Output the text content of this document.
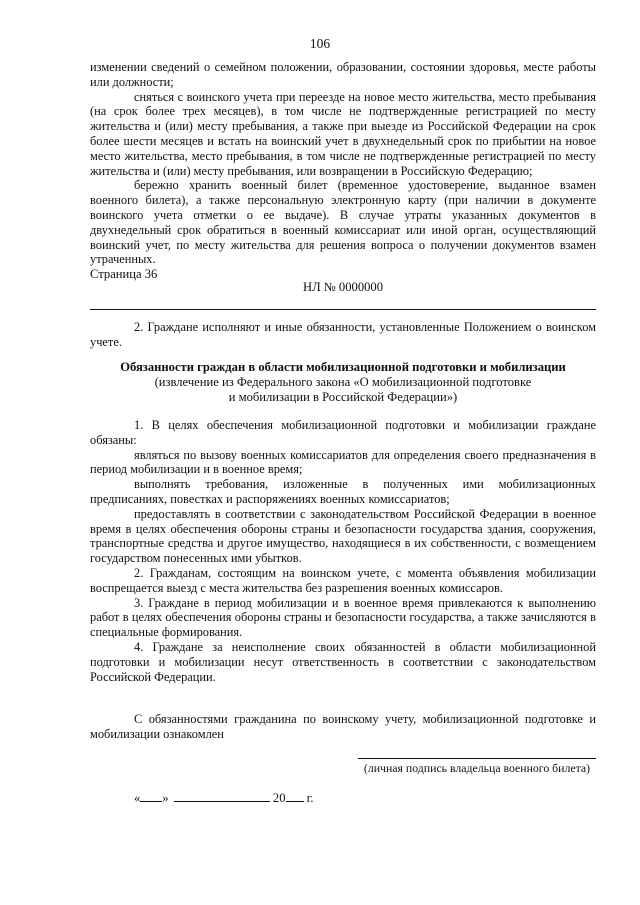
106

изменении сведений о семейном положении, образовании, состоянии здоровья, месте работы или должности;

сняться с воинского учета при переезде на новое место жительства, место пребывания (на срок более трех месяцев), в том числе не подтвержденные регистрацией по месту жительства и (или) месту пребывания, а также при выезде из Российской Федерации на срок более шести месяцев и встать на воинский учет в двухнедельный срок по прибытии на новое место жительства, место пребывания, в том числе не подтвержденные регистрацией по месту жительства и (или) месту пребывания, или возвращении в Российскую Федерацию;

бережно хранить военный билет (временное удостоверение, выданное взамен военного билета), а также персональную электронную карту (при наличии в документе воинского учета отметки о ее выдаче). В случае утраты указанных документов в двухнедельный срок обратиться в военный комиссариат или иной орган, осуществляющий воинский учет, по месту жительства для решения вопроса о получении документов взамен утраченных.

Страница 36
НЛ № 0000000

2. Граждане исполняют и иные обязанности, установленные Положением о воинском учете.

Обязанности граждан в области мобилизационной подготовки и мобилизации
(извлечение из Федерального закона «О мобилизационной подготовке
и мобилизации в Российской Федерации»)

1. В целях обеспечения мобилизационной подготовки и мобилизации граждане обязаны:

являться по вызову военных комиссариатов для определения своего предназначения в период мобилизации и в военное время;

выполнять требования, изложенные в полученных ими мобилизационных предписаниях, повестках и распоряжениях военных комиссариатов;

предоставлять в соответствии с законодательством Российской Федерации в военное время в целях обеспечения обороны страны и безопасности государства здания, сооружения, транспортные средства и другое имущество, находящиеся в их собственности, с возмещением государством понесенных ими убытков.

2. Гражданам, состоящим на воинском учете, с момента объявления мобилизации воспрещается выезд с места жительства без разрешения военных комиссаров.

3. Граждане в период мобилизации и в военное время привлекаются к выполнению работ в целях обеспечения обороны страны и безопасности государства, а также зачисляются в специальные формирования.

4. Граждане за неисполнение своих обязанностей в области мобилизационной подготовки и мобилизации несут ответственность в соответствии с законодательством Российской Федерации.

С обязанностями гражданина по воинскому учету, мобилизационной подготовке и мобилизации ознакомлен

(личная подпись владельца военного билета)
« »	20 г.
